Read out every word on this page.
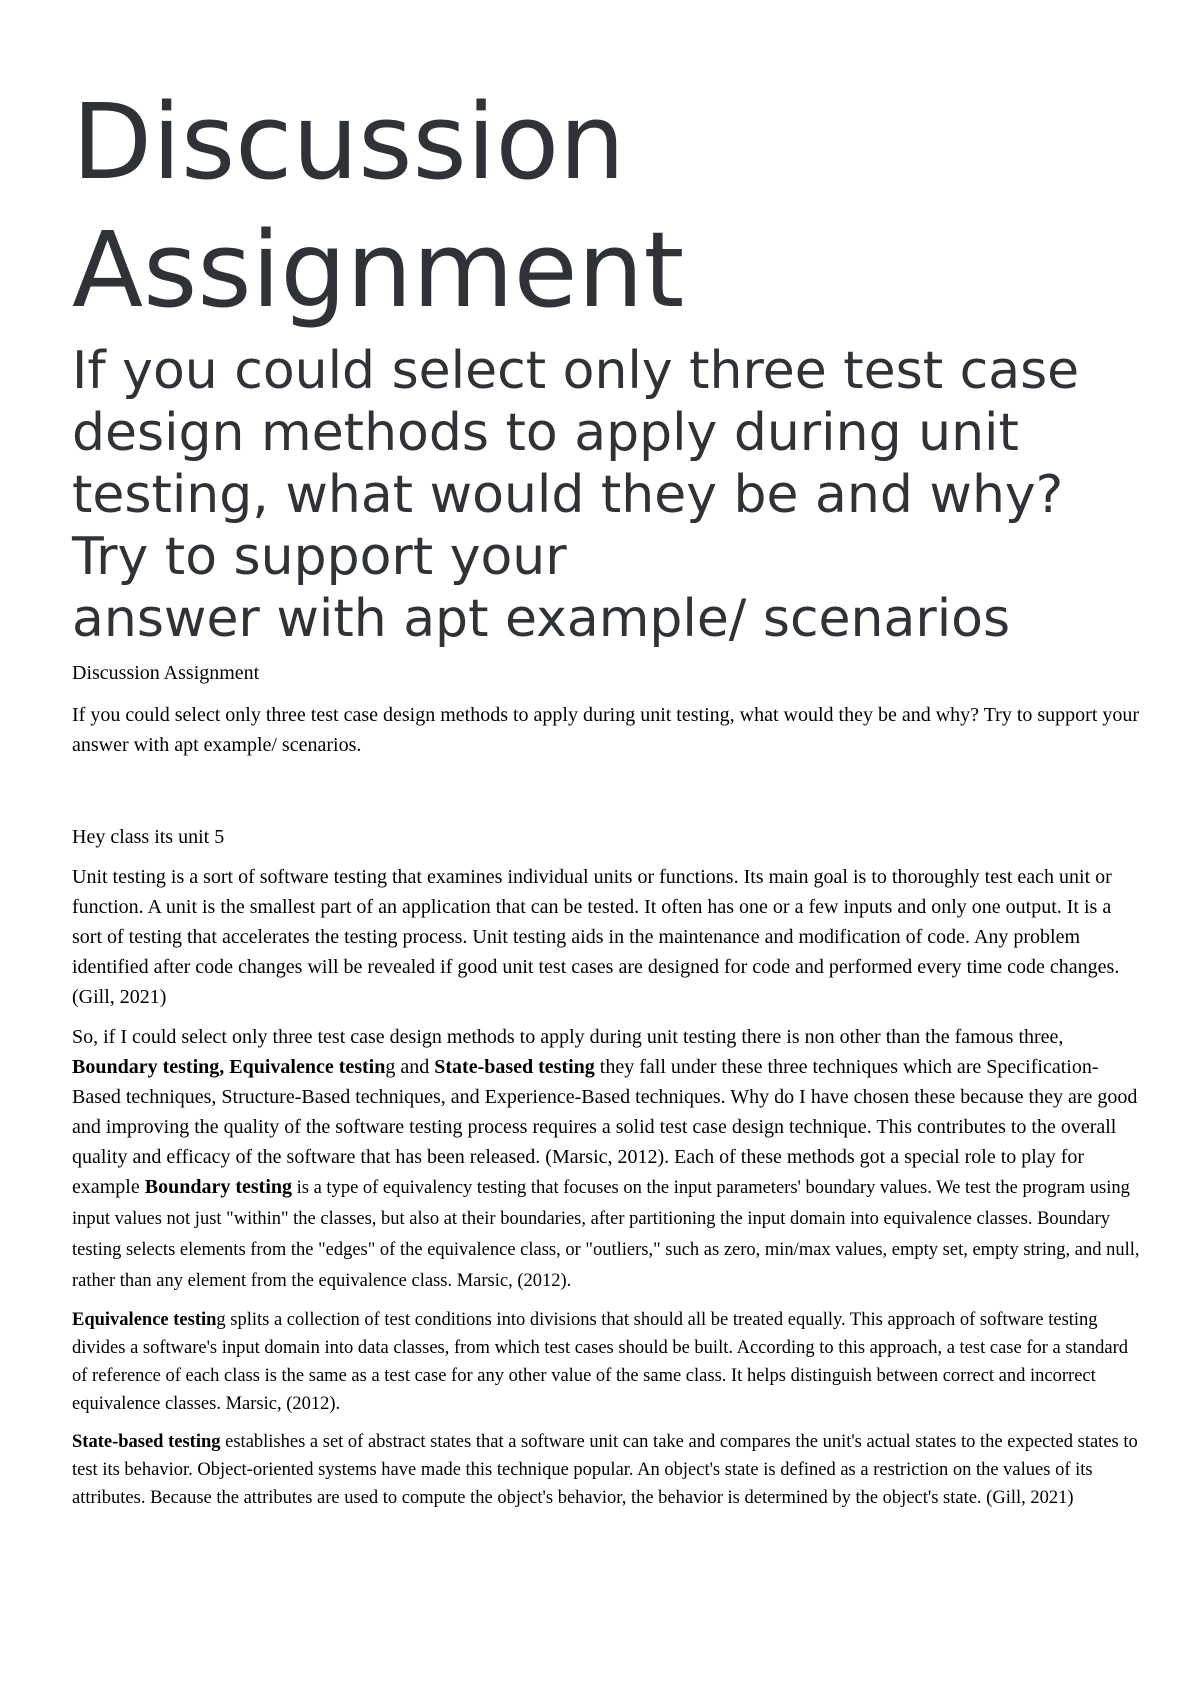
Discussion
Assignment
If you could select only three test case
design methods to apply during unit
testing, what would they be and why?
Try to support your
answer with apt example/ scenarios
Discussion Assignment

If you could select only three test case design methods to apply during unit testing, what would they be and why? Try to support your answer with apt example/ scenarios.

Hey class its unit 5

Unit testing is a sort of software testing that examines individual units or functions. Its main goal is to thoroughly test each unit or function. A unit is the smallest part of an application that can be tested. It often has one or a few inputs and only one output. It is a sort of testing that accelerates the testing process. Unit testing aids in the maintenance and modification of code. Any problem identified after code changes will be revealed if good unit test cases are designed for code and performed every time code changes. (Gill, 2021)

So, if I could select only three test case design methods to apply during unit testing there is non other than the famous three, Boundary testing, Equivalence testing and State-based testing they fall under these three techniques which are Specification-Based techniques, Structure-Based techniques, and Experience-Based techniques. Why do I have chosen these because they are good and improving the quality of the software testing process requires a solid test case design technique. This contributes to the overall quality and efficacy of the software that has been released. (Marsic, 2012). Each of these methods got a special role to play for example Boundary testing is a type of equivalency testing that focuses on the input parameters' boundary values. We test the program using input values not just "within" the classes, but also at their boundaries, after partitioning the input domain into equivalence classes. Boundary testing selects elements from the "edges" of the equivalence class, or "outliers," such as zero, min/max values, empty set, empty string, and null, rather than any element from the equivalence class. Marsic, (2012).

Equivalence testing splits a collection of test conditions into divisions that should all be treated equally. This approach of software testing divides a software's input domain into data classes, from which test cases should be built. According to this approach, a test case for a standard of reference of each class is the same as a test case for any other value of the same class. It helps distinguish between correct and incorrect equivalence classes. Marsic, (2012).

State-based testing establishes a set of abstract states that a software unit can take and compares the unit's actual states to the expected states to test its behavior. Object-oriented systems have made this technique popular. An object's state is defined as a restriction on the values of its attributes. Because the attributes are used to compute the object's behavior, the behavior is determined by the object's state. (Gill, 2021)
